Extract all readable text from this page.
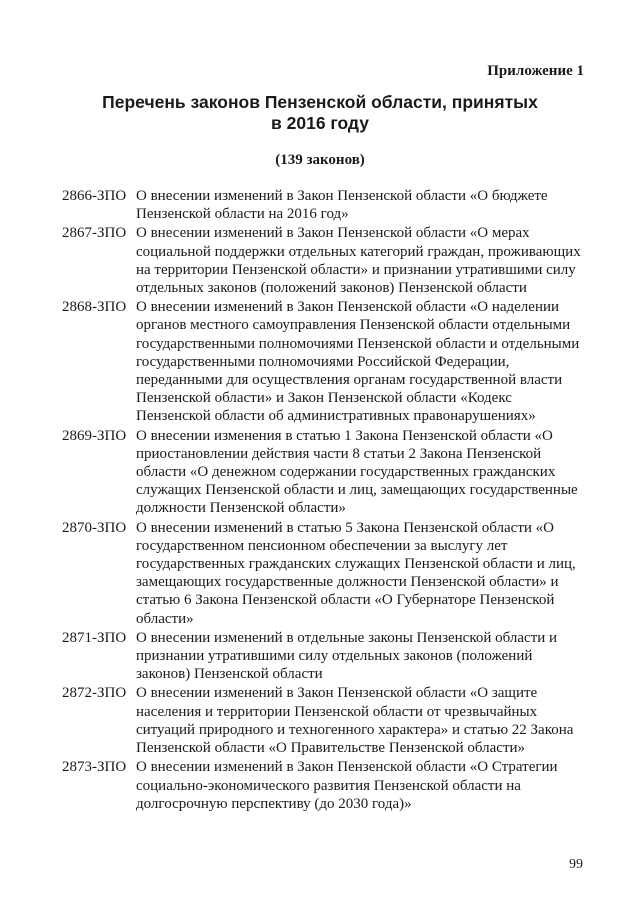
Приложение 1
Перечень законов Пензенской области, принятых
в 2016 году
(139 законов)
2866-ЗПО О внесении изменений в Закон Пензенской области «О бюджете Пензенской области на 2016 год»
2867-ЗПО О внесении изменений в Закон Пензенской области «О мерах социальной поддержки отдельных категорий граждан, проживающих на территории Пензенской области» и признании утратившими силу отдельных законов (положений законов) Пензенской области
2868-ЗПО О внесении изменений в Закон Пензенской области «О наделении органов местного самоуправления Пензенской области отдельными государственными полномочиями Пензенской области и отдельными государственными полномочиями Российской Федерации, переданными для осуществления органам государственной власти Пензенской области» и Закон Пензенской области «Кодекс Пензенской области об административных правонарушениях»
2869-ЗПО О внесении изменения в статью 1 Закона Пензенской области «О приостановлении действия части 8 статьи 2 Закона Пензенской области «О денежном содержании государственных гражданских служащих Пензенской области и лиц, замещающих государственные должности Пензенской области»
2870-ЗПО О внесении изменений в статью 5 Закона Пензенской области «О государственном пенсионном обеспечении за выслугу лет государственных гражданских служащих Пензенской области и лиц, замещающих государственные должности Пензенской области» и статью 6 Закона Пензенской области «О Губернаторе Пензенской области»
2871-ЗПО О внесении изменений в отдельные законы Пензенской области и признании утратившими силу отдельных законов (положений законов) Пензенской области
2872-ЗПО О внесении изменений в Закон Пензенской области «О защите населения и территории Пензенской области от чрезвычайных ситуаций природного и техногенного характера» и статью 22 Закона Пензенской области «О Правительстве Пензенской области»
2873-ЗПО О внесении изменений в Закон Пензенской области «О Стратегии социально-экономического развития Пензенской области на долгосрочную перспективу (до 2030 года)»
99
